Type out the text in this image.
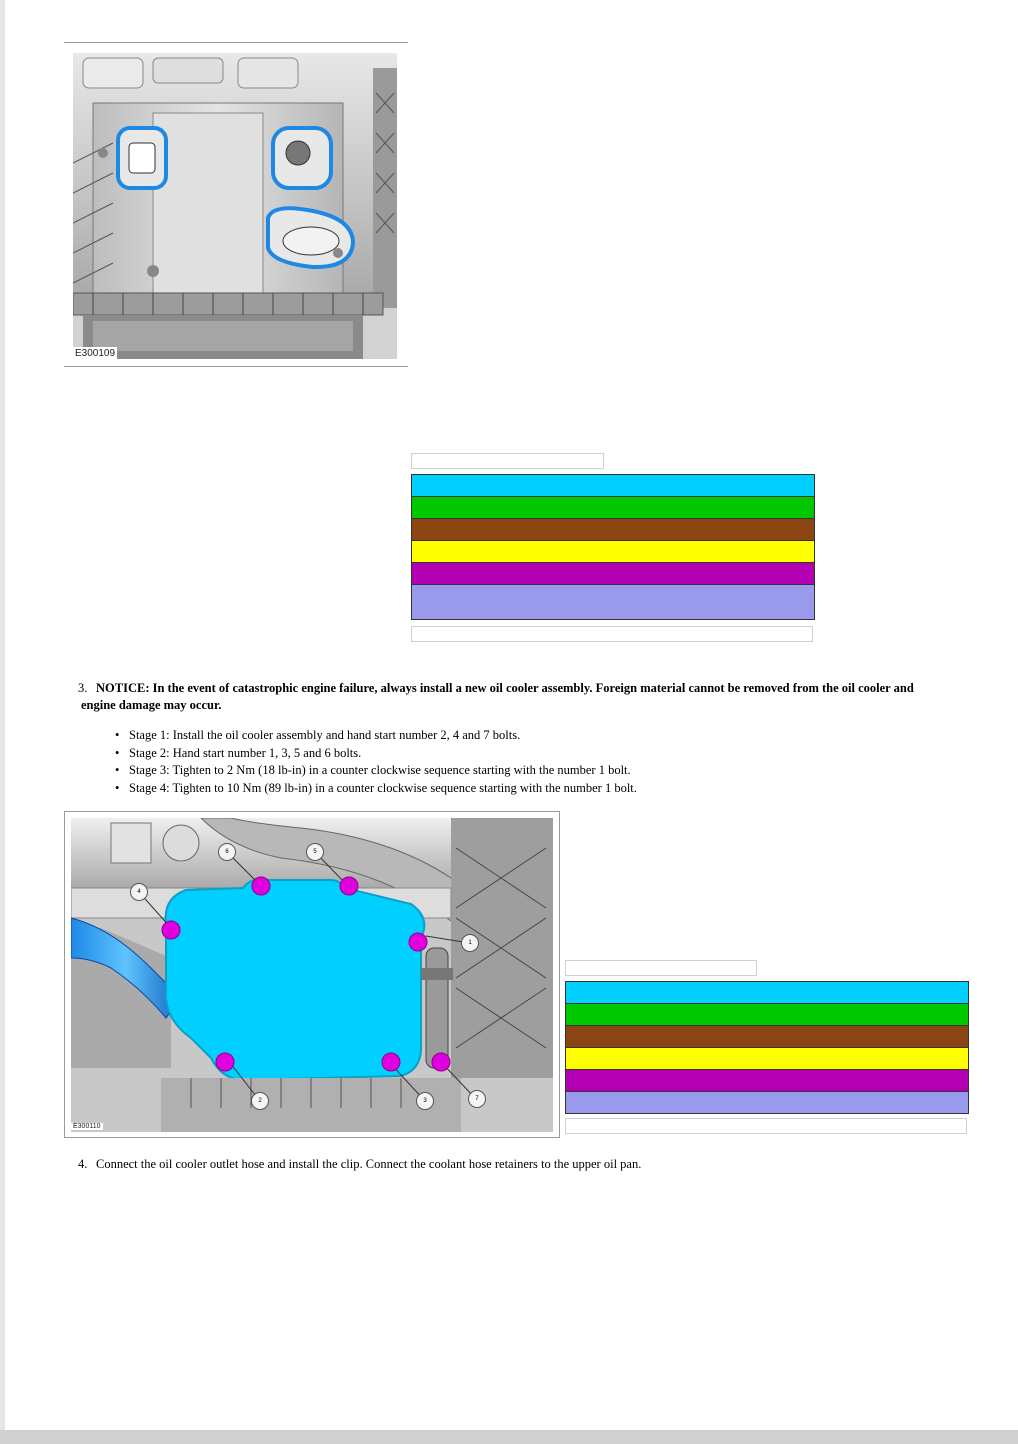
E300109
3. NOTICE: In the event of catastrophic engine failure, always install a new oil cooler assembly. Foreign material cannot be removed from the oil cooler and
engine damage may occur.
• Stage 1: Install the oil cooler assembly and hand start number 2, 4 and 7 bolts.
• Stage 2: Hand start number 1, 3, 5 and 6 bolts.
• Stage 3: Tighten to 2 Nm (18 lb-in) in a counter clockwise sequence starting with the number 1 bolt.
• Stage 4: Tighten to 10 Nm (89 lb-in) in a counter clockwise sequence starting with the number 1 bolt.
E300110
6	5
4
1
2	3	7
4. Connect the oil cooler outlet hose and install the clip. Connect the coolant hose retainers to the upper oil pan.
